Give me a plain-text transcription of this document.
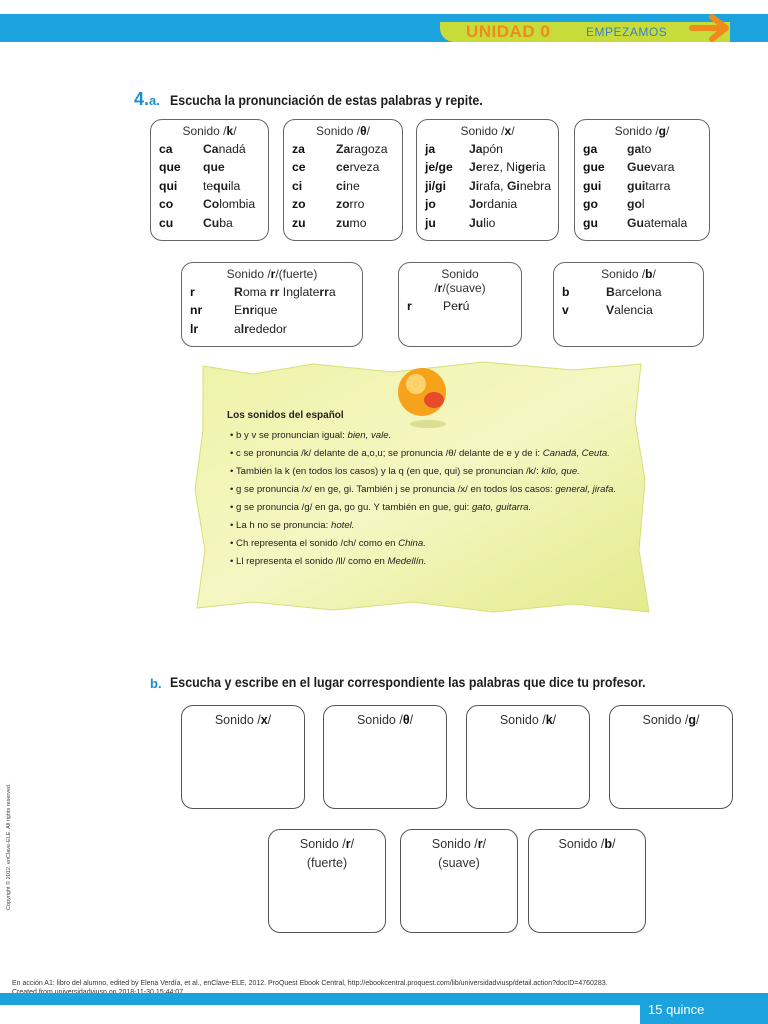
UNIDAD 0	EMPEZAMOS
4.a. Escucha la pronunciación de estas palabras y repite.
Sonido /k/
ca	Canadá
que	que
qui	tequila
co	Colombia
cu	Cuba
Sonido /θ/
za	Zaragoza
ce	cerveza
ci	cine
zo	zorro
zu	zumo
Sonido /x/
ja	Japón
je/ge	Jerez, Nigeria
ji/gi	Jirafa, Ginebra
jo	Jordania
ju	Julio
Sonido /g/
ga	gato
gue	Guevara
gui	guitarra
go	gol
gu	Guatemala
Sonido /r/(fuerte)
r	Roma rr Inglaterra
nr	Enrique
lr	alrededor
Sonido
/r/(suave)
r	Perú
Sonido /b/
b	Barcelona
v	Valencia
Los sonidos del español
• b y v se pronuncian igual: bien, vale.
• c se pronuncia /k/ delante de a,o,u; se pronuncia /θ/ delante de e y de i: Canadá, Ceuta.
• También la k (en todos los casos) y la q (en que, qui) se pronuncian /k/: kilo, que.
• g se pronuncia /x/ en ge, gi. También j se pronuncia /x/ en todos los casos: general, jirafa.
• g se pronuncia /g/ en ga, go gu. Y también en gue, gui: gato, guitarra.
• La h no se pronuncia: hotel.
• Ch representa el sonido /ch/ como en China.
• Ll representa el sonido /ll/ como en Medellín.
b. Escucha y escribe en el lugar correspondiente las palabras que dice tu profesor.
Sonido /x/	Sonido /θ/	Sonido /k/	Sonido /g/
Sonido /r/
(fuerte)
Sonido /r/
(suave)
Sonido /b/
Copyright © 2012. enClave-ELE. All rights reserved.
En acción A1: libro del alumno, edited by Elena Verdía, et al., enClave-ELE, 2012. ProQuest Ebook Central, http://ebookcentral.proquest.com/lib/universidadviusp/detail.action?docID=4760283.
15 quince
